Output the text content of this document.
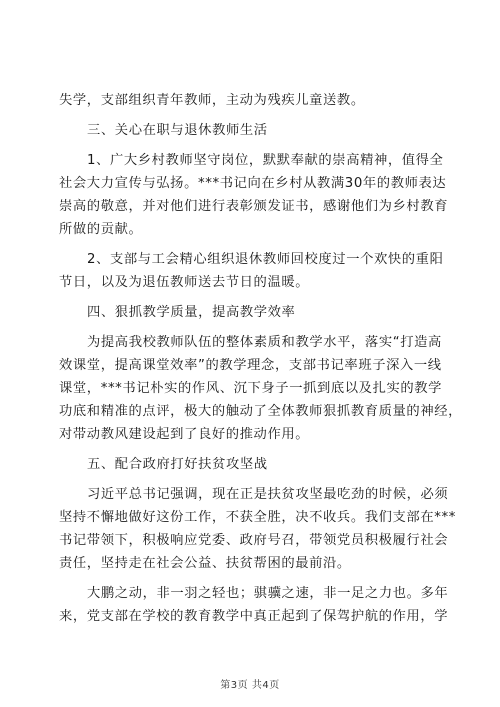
失学，支部组织青年教师，主动为残疾儿童送教。
三、关心在职与退休教师生活
1、广大乡村教师坚守岗位，默默奉献的崇高精神，值得全
社会大力宣传与弘扬。***书记向在乡村从教满30年的教师表达
崇高的敬意，并对他们进行表彰颁发证书，感谢他们为乡村教育
所做的贡献。
2、支部与工会精心组织退休教师回校度过一个欢快的重阳
节日，以及为退伍教师送去节日的温暖。
四、狠抓教学质量，提高教学效率
为提高我校教师队伍的整体素质和教学水平，落实“打造高
效课堂，提高课堂效率”的教学理念，支部书记率班子深入一线
课堂，***书记朴实的作风、沉下身子一抓到底以及扎实的教学
功底和精准的点评，极大的触动了全体教师狠抓教育质量的神经，
对带动教风建设起到了良好的推动作用。
五、配合政府打好扶贫攻坚战
习近平总书记强调，现在正是扶贫攻坚最吃劲的时候，必须
坚持不懈地做好这份工作，不获全胜，决不收兵。我们支部在***
书记带领下，积极响应党委、政府号召，带领党员积极履行社会
责任，坚持走在社会公益、扶贫帮困的最前沿。
大鹏之动，非一羽之轻也；骐骥之速，非一足之力也。多年
来，党支部在学校的教育教学中真正起到了保驾护航的作用，学
第3页 共4页
